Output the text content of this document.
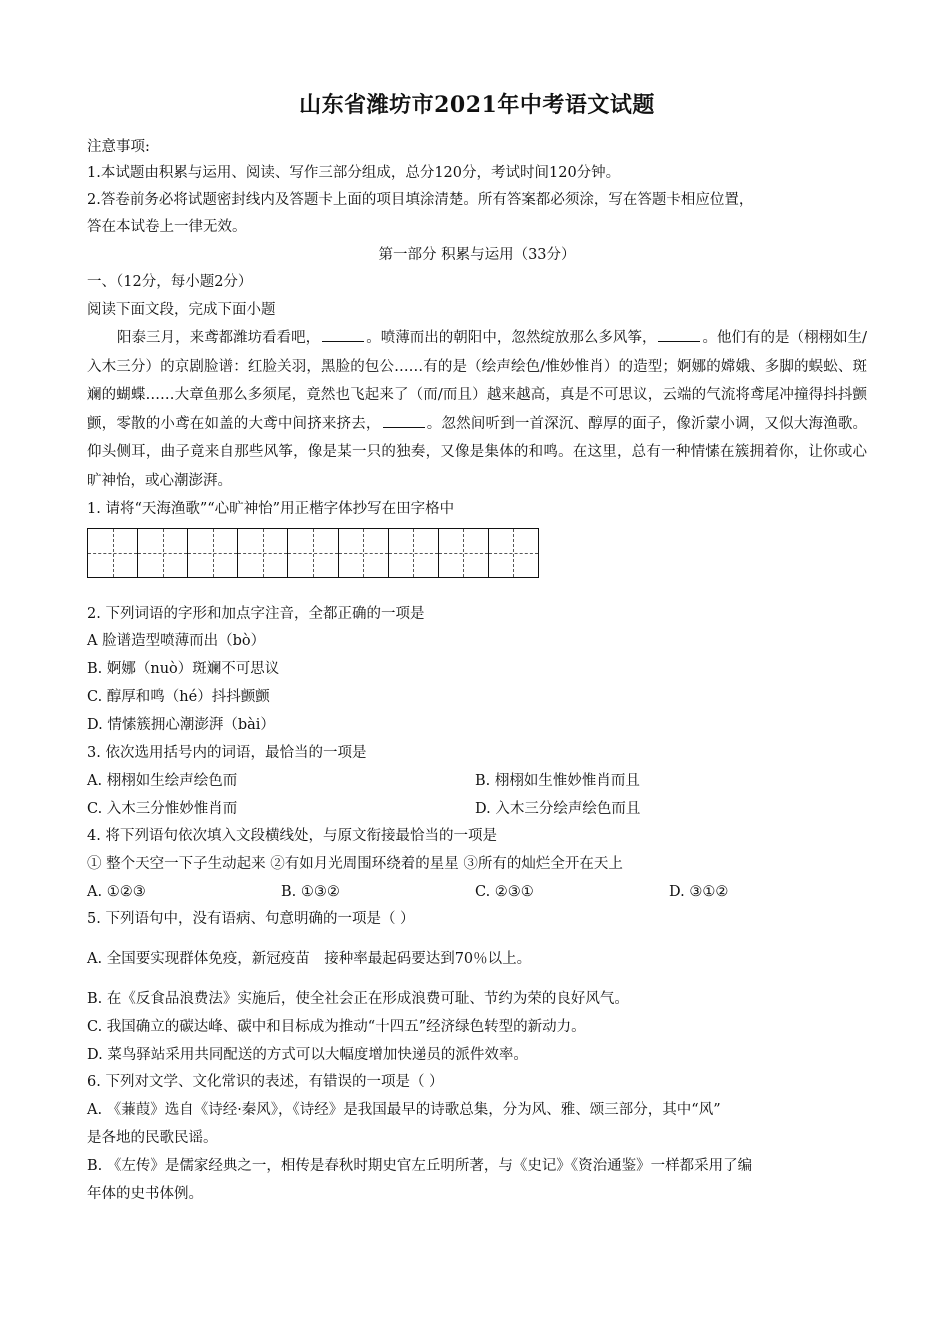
山东省潍坊市2021年中考语文试题
注意事项:
1.本试题由积累与运用、阅读、写作三部分组成，总分120分，考试时间120分钟。
2.答卷前务必将试题密封线内及答题卡上面的项目填涂清楚。所有答案都必须涂，写在答题卡相应位置，
答在本试卷上一律无效。
第一部分 积累与运用（33分）
一、（12分，每小题2分）
阅读下面文段，完成下面小题
阳泰三月，来鸢都潍坊看看吧，	。喷薄而出的朝阳中，忽然绽放那么多风筝，	。他们有的是（栩栩如生/入木三分）的京剧脸谱：红脸关羽，黑脸的包公……有的是（绘声绘色/惟妙惟肖）的造型；婀娜的嫦娥、多脚的蜈蚣、斑斓的蝴蝶……大章鱼那么多须尾，竟然也飞起来了（而/而且）越来越高，真是不可思议，云端的气流将鸢尾冲撞得抖抖颤颤，零散的小鸢在如盖的大鸢中间挤来挤去，	。忽然间听到一首深沉、醇厚的面子，像沂蒙小调，又似大海渔歌。仰头侧耳，曲子竟来自那些风筝，像是某一只的独奏，又像是集体的和鸣。在这里，总有一种情愫在簇拥着你，让你或心旷神怡，或心潮澎湃。
1. 请将“天海渔歌”“心旷神怡”用正楷字体抄写在田字格中
2. 下列词语的字形和加点字注音，全都正确的一项是
A 脸谱造型喷薄而出（bò）
B. 婀娜（nuò）斑斓不可思议
C. 醇厚和鸣（hé）抖抖颤颤
D. 情愫簇拥心潮澎湃（bài）
3. 依次选用括号内的词语，最恰当的一项是
A. 栩栩如生绘声绘色而	B. 栩栩如生惟妙惟肖而且
C. 入木三分惟妙惟肖而	D. 入木三分绘声绘色而且
4. 将下列语句依次填入文段横线处，与原文衔接最恰当的一项是
① 整个天空一下子生动起来 ②有如月光周围环绕着的星星 ③所有的灿烂全开在天上
A. ①②③	B. ①③②	C. ②③①	D. ③①②
5. 下列语句中，没有语病、句意明确的一项是（ ）
A. 全国要实现群体免疫，新冠疫苗　接种率最起码要达到70％以上。
B. 在《反食品浪费法》实施后，使全社会正在形成浪费可耻、节约为荣的良好风气。
C. 我国确立的碳达峰、碳中和目标成为推动“十四五”经济绿色转型的新动力。
D. 菜鸟驿站采用共同配送的方式可以大幅度增加快递员的派件效率。
6. 下列对文学、文化常识的表述，有错误的一项是（ ）
A. 《蒹葭》选自《诗经·秦风》，《诗经》是我国最早的诗歌总集，分为风、雅、颂三部分，其中“风”
是各地的民歌民谣。
B. 《左传》是儒家经典之一，相传是春秋时期史官左丘明所著，与《史记》《资治通鉴》一样都采用了编
年体的史书体例。
